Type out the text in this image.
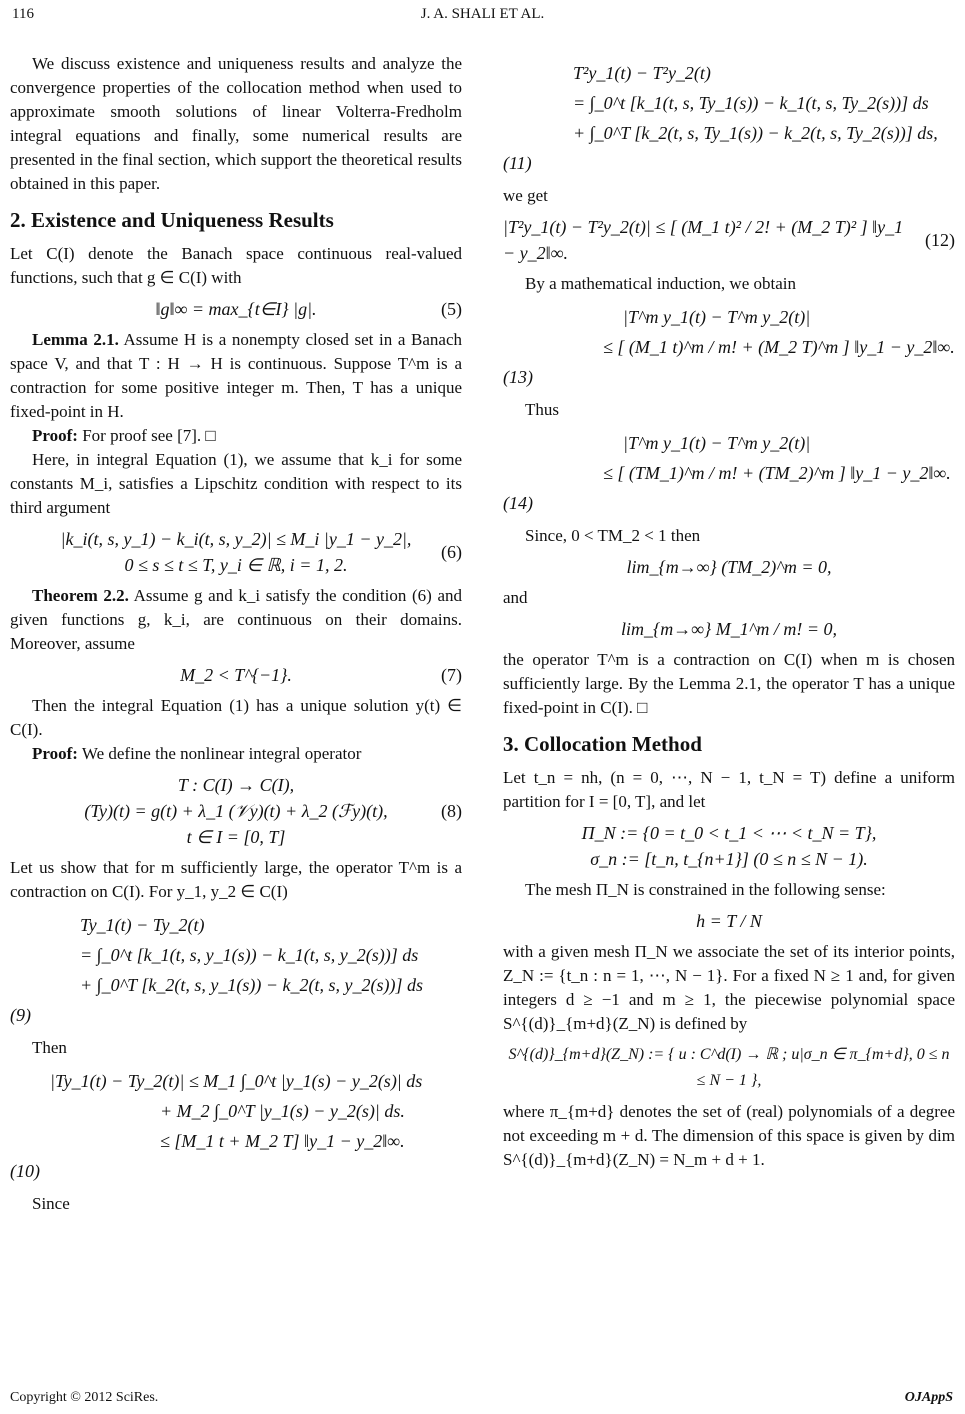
116	J. A. SHALI ET AL.

We discuss existence and uniqueness results and analyze the convergence properties of the collocation method when used to approximate smooth solutions of linear Volterra-Fredholm integral equations and finally, some numerical results are presented in the final section, which support the theoretical results obtained in this paper.

2. Existence and Uniqueness Results

Let C(I) denote the Banach space continuous real-valued functions, such that g ∈ C(I) with

‖g‖∞ = max_{t∈I} |g|.	(5)

Lemma 2.1. Assume H is a nonempty closed set in a Banach space V, and that T : H → H is continuous. Suppose T^m is a contraction for some positive integer m. Then, T has a unique fixed-point in H.

Proof: For proof see [7]. □

Here, in integral Equation (1), we assume that k_i for some constants M_i, satisfies a Lipschitz condition with respect to its third argument

|k_i(t, s, y_1) − k_i(t, s, y_2)| ≤ M_i |y_1 − y_2|,
0 ≤ s ≤ t ≤ T, y_i ∈ ℝ, i = 1, 2.
(6)

Theorem 2.2. Assume g and k_i satisfy the condition (6) and given functions g, k_i, are continuous on their domains. Moreover, assume

M_2 < T^{−1}.	(7)

Then the integral Equation (1) has a unique solution y(t) ∈ C(I).

Proof: We define the nonlinear integral operator

T : C(I) → C(I),
(Ty)(t) = g(t) + λ_1 (𝒱y)(t) + λ_2 (ℱy)(t),
t ∈ I = [0, T]
(8)

Let us show that for m sufficiently large, the operator T^m is a contraction on C(I). For y_1, y_2 ∈ C(I)

Ty_1(t) − Ty_2(t)
= ∫_0^t [k_1(t, s, y_1(s)) − k_1(t, s, y_2(s))] ds
+ ∫_0^T [k_2(t, s, y_1(s)) − k_2(t, s, y_2(s))] ds
(9)

Then

|Ty_1(t) − Ty_2(t)| ≤ M_1 ∫_0^t |y_1(s) − y_2(s)| ds
+ M_2 ∫_0^T |y_1(s) − y_2(s)| ds.
≤ [M_1 t + M_2 T] ‖y_1 − y_2‖∞.
(10)

Since

T²y_1(t) − T²y_2(t)
= ∫_0^t [k_1(t, s, Ty_1(s)) − k_1(t, s, Ty_2(s))] ds
+ ∫_0^T [k_2(t, s, Ty_1(s)) − k_2(t, s, Ty_2(s))] ds,
(11)

we get

|T²y_1(t) − T²y_2(t)| ≤ [ (M_1 t)² / 2! + (M_2 T)² ] ‖y_1 − y_2‖∞.
(12)

By a mathematical induction, we obtain

|T^m y_1(t) − T^m y_2(t)|
≤ [ (M_1 t)^m / m! + (M_2 T)^m ] ‖y_1 − y_2‖∞.
(13)

Thus

|T^m y_1(t) − T^m y_2(t)|
≤ [ (TM_1)^m / m! + (TM_2)^m ] ‖y_1 − y_2‖∞.
(14)

Since, 0 < TM_2 < 1 then

lim_{m→∞} (TM_2)^m = 0,

and

lim_{m→∞} M_1^m / m! = 0,

the operator T^m is a contraction on C(I) when m is chosen sufficiently large. By the Lemma 2.1, the operator T has a unique fixed-point in C(I). □

3. Collocation Method

Let t_n = nh, (n = 0, ⋯, N − 1, t_N = T) define a uniform partition for I = [0, T], and let

Π_N := {0 = t_0 < t_1 < ⋯ < t_N = T},
σ_n := [t_n, t_{n+1}] (0 ≤ n ≤ N − 1).

The mesh Π_N is constrained in the following sense:

h = T / N

with a given mesh Π_N we associate the set of its interior points, Z_N := {t_n : n = 1, ⋯, N − 1}. For a fixed N ≥ 1 and, for given integers d ≥ −1 and m ≥ 1, the piecewise polynomial space S^{(d)}_{m+d}(Z_N) is defined by

S^{(d)}_{m+d}(Z_N) := { u : C^d(I) → ℝ ; u|σ_n ∈ π_{m+d}, 0 ≤ n ≤ N − 1 },

where π_{m+d} denotes the set of (real) polynomials of a degree not exceeding m + d. The dimension of this space is given by dim S^{(d)}_{m+d}(Z_N) = N_m + d + 1.

Copyright © 2012 SciRes.	OJAppS
